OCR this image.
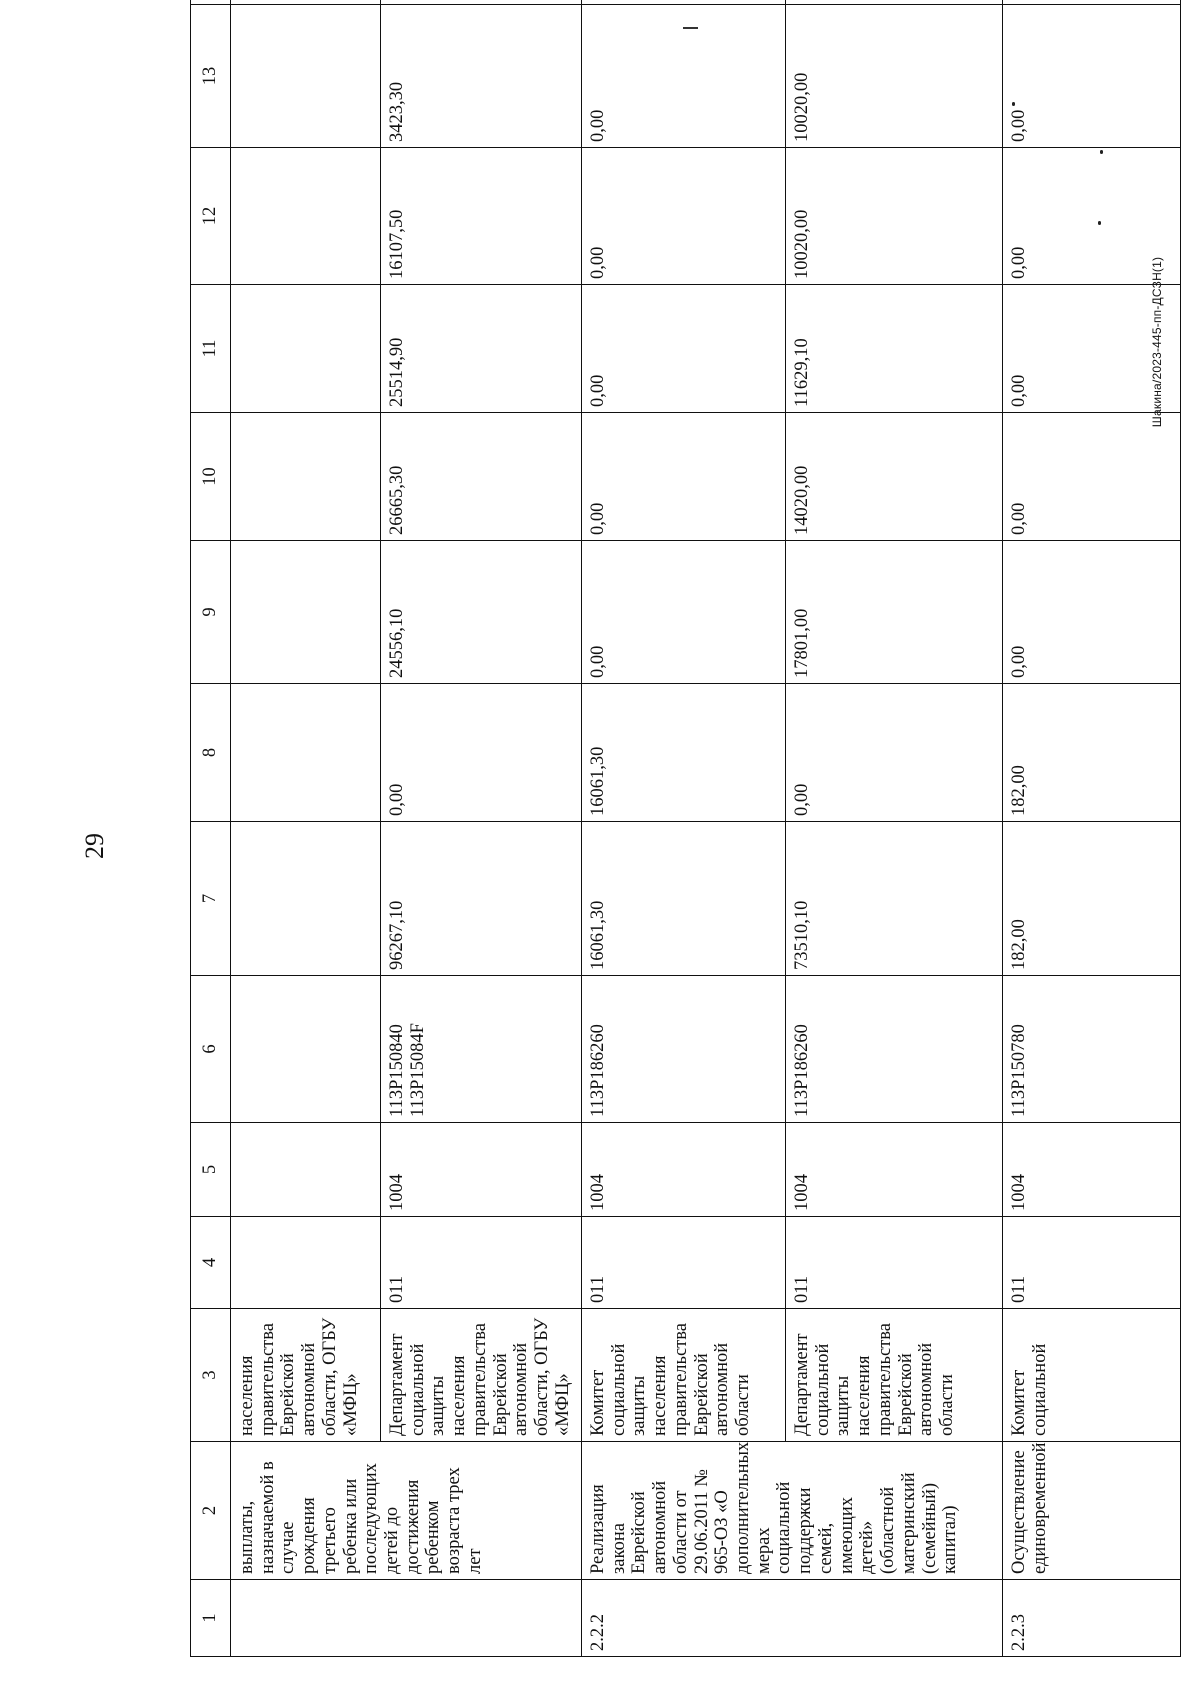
29
Шакина/2023-445-пп-ДСЗН(1)
1	2	3	4	5	6	7	8	9	10	11	12	13		
	выплаты, назначаемой в случае рождения третьего ребенка или последующих детей до достижения ребенком возраста трех лет	населения правительства Еврейской автономной области, ОГБУ «МФЦ»												
		Департамент социальной защиты населения правительства Еврейской автономной области, ОГБУ «МФЦ»	011	1004	113P150840 113P15084F	96267,10	0,00	24556,10	26665,30	25514,90	16107,50	3423,30		
2.2.2	Реализация закона Еврейской автономной области от 29.06.2011 № 965-ОЗ «О дополнительных мерах социальной поддержки семей, имеющих детей» (областной материнский (семейный) капитал)	Комитет социальной защиты населения правительства Еврейской автономной области	011	1004	113P186260	16061,30	16061,30	0,00	0,00	0,00	0,00	0,00		
		Департамент социальной защиты населения правительства Еврейской автономной области	011	1004	113P186260	73510,10	0,00	17801,00	14020,00	11629,10	10020,00	10020,00		
2.2.3	Осуществление единовременной	Комитет социальной	011	1004	113P150780	182,00	182,00	0,00	0,00	0,00	0,00	0,00		
